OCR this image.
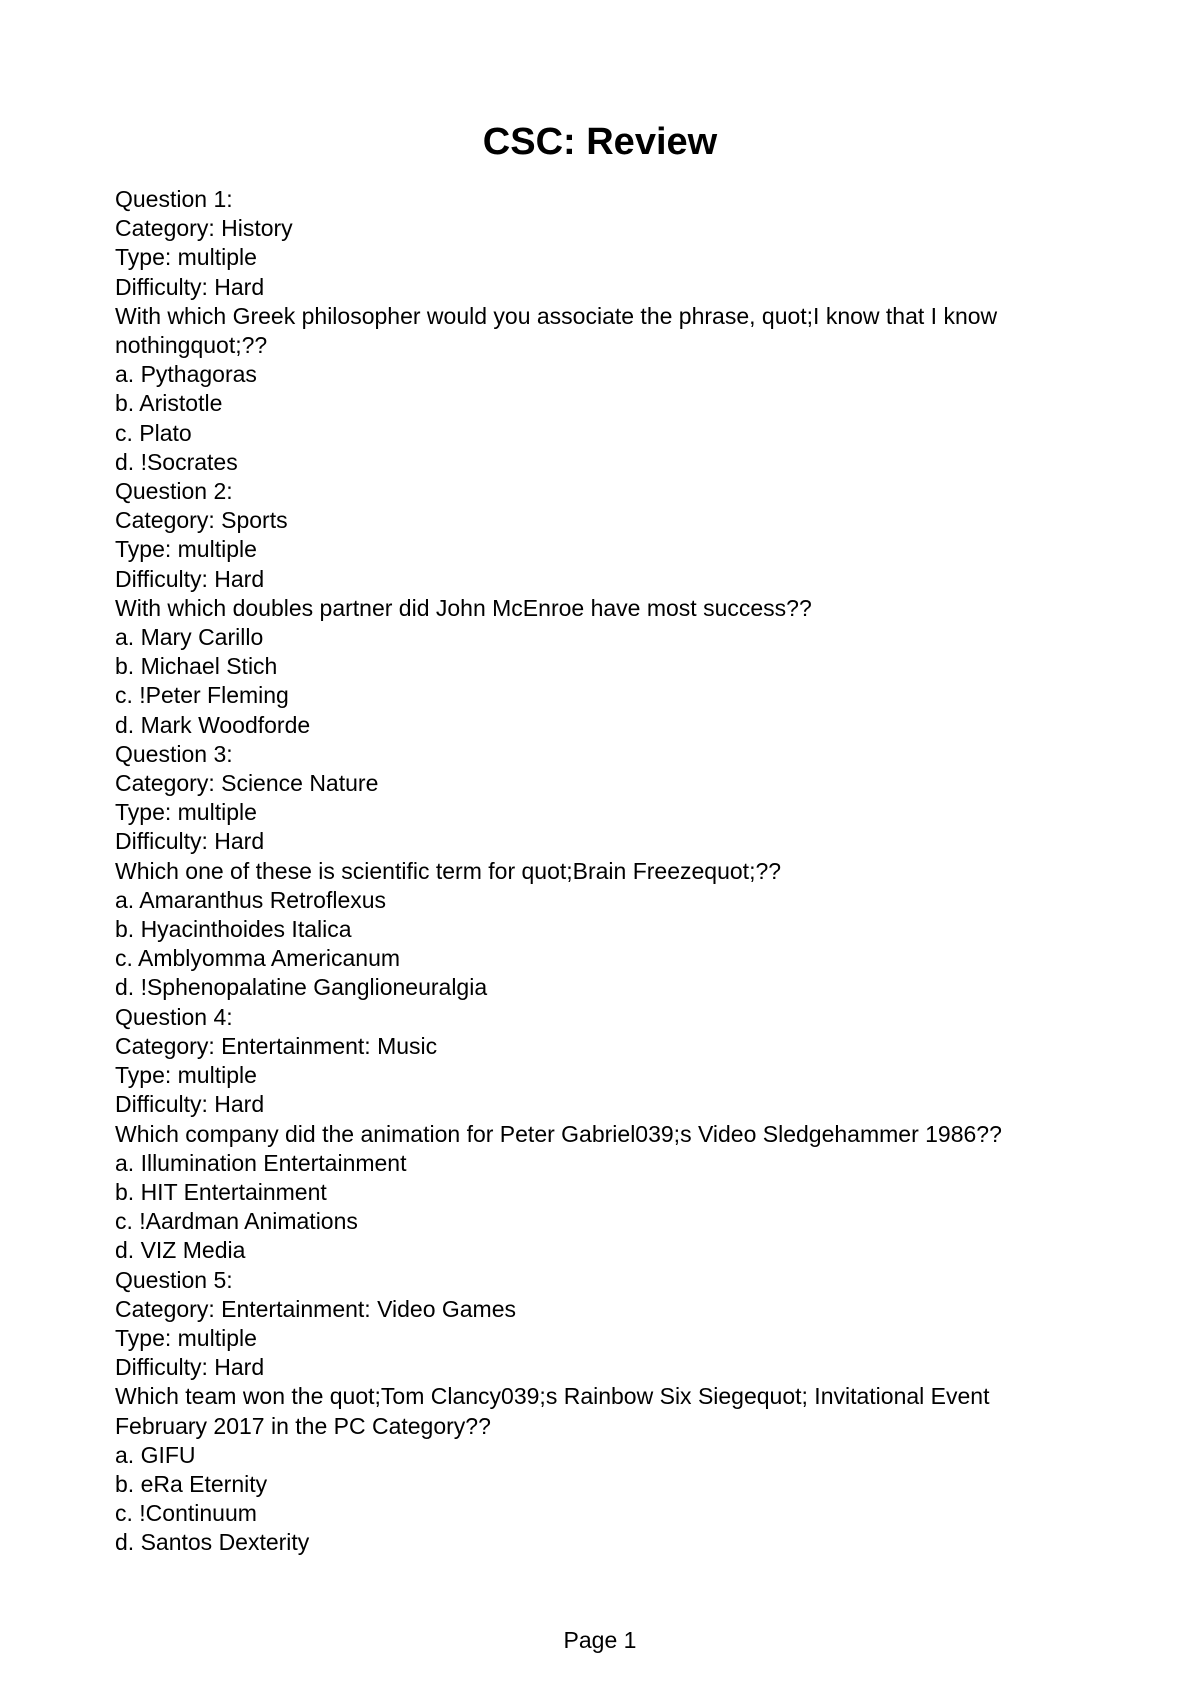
CSC: Review
Question 1:
Category: History
Type: multiple
Difficulty: Hard
With which Greek philosopher would you associate the phrase, quot;I know that I know nothingquot;??
a. Pythagoras
b. Aristotle
c. Plato
d. !Socrates
Question 2:
Category: Sports
Type: multiple
Difficulty: Hard
With which doubles partner did John McEnroe have most success??
a. Mary Carillo
b. Michael Stich
c. !Peter Fleming
d. Mark Woodforde
Question 3:
Category: Science Nature
Type: multiple
Difficulty: Hard
Which one of these is scientific term for quot;Brain Freezequot;??
a. Amaranthus Retroflexus
b. Hyacinthoides Italica
c. Amblyomma Americanum
d. !Sphenopalatine Ganglioneuralgia
Question 4:
Category: Entertainment: Music
Type: multiple
Difficulty: Hard
Which company did the animation for Peter Gabriel039;s Video Sledgehammer 1986??
a. Illumination Entertainment
b. HIT Entertainment
c. !Aardman Animations
d. VIZ Media
Question 5:
Category: Entertainment: Video Games
Type: multiple
Difficulty: Hard
Which team won the quot;Tom Clancy039;s Rainbow Six Siegequot; Invitational Event February 2017 in the PC Category??
a. GIFU
b. eRa Eternity
c. !Continuum
d. Santos Dexterity
Page 1
